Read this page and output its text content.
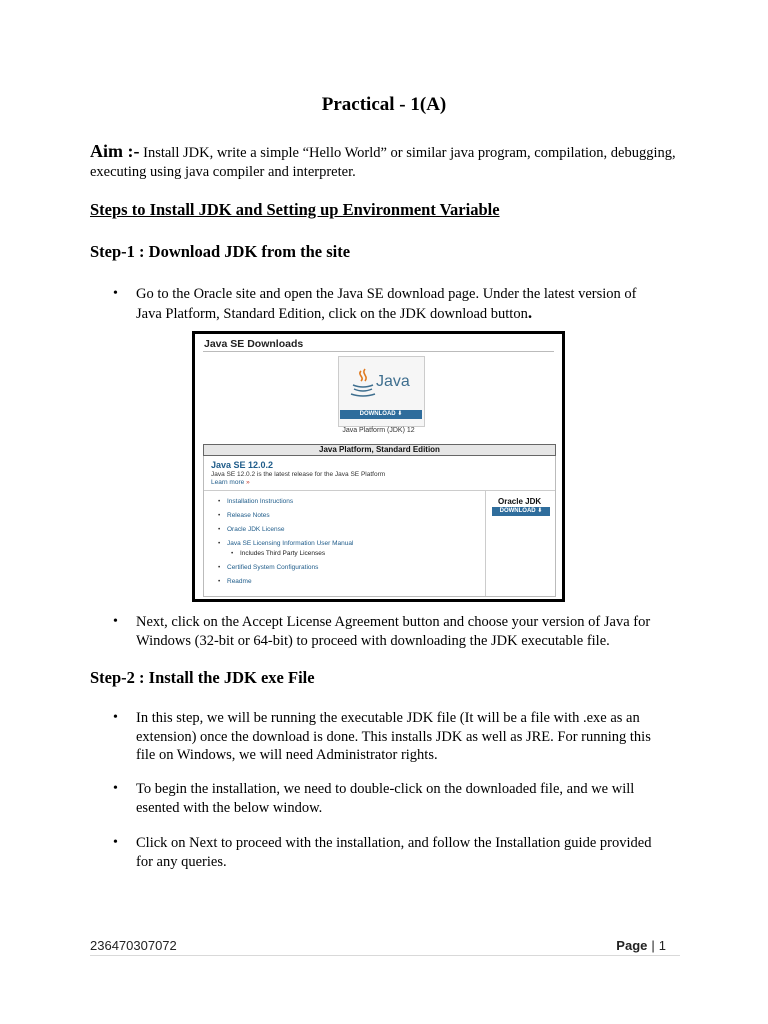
Practical - 1(A)
Aim :- Install JDK, write a simple “Hello World” or similar java program, compilation, debugging, executing using java compiler and interpreter.
Steps to Install JDK and Setting up Environment Variable
Step-1 : Download JDK from the site
• Go to the Oracle site and open the Java SE download page. Under the latest version of Java Platform, Standard Edition, click on the JDK download button.
Java SE Downloads
Java
DOWNLOAD ⬇
Java Platform (JDK) 12
Java Platform, Standard Edition
Java SE 12.0.2
Java SE 12.0.2 is the latest release for the Java SE Platform
Learn more »
• Installation Instructions
• Release Notes
• Oracle JDK License
• Java SE Licensing Information User Manual
• Includes Third Party Licenses
• Certified System Configurations
• Readme
Oracle JDK
DOWNLOAD ⬇
• Next, click on the Accept License Agreement button and choose your version of Java for Windows (32-bit or 64-bit) to proceed with downloading the JDK executable file.
Step-2 : Install the JDK exe File
• In this step, we will be running the executable JDK file (It will be a file with .exe as an extension) once the download is done. This installs JDK as well as JRE. For running this file on Windows, we will need Administrator rights.
• To begin the installation, we need to double-click on the downloaded file, and we will esented with the below window.
• Click on Next to proceed with the installation, and follow the Installation guide provided for any queries.
236470307072	Page | 1
